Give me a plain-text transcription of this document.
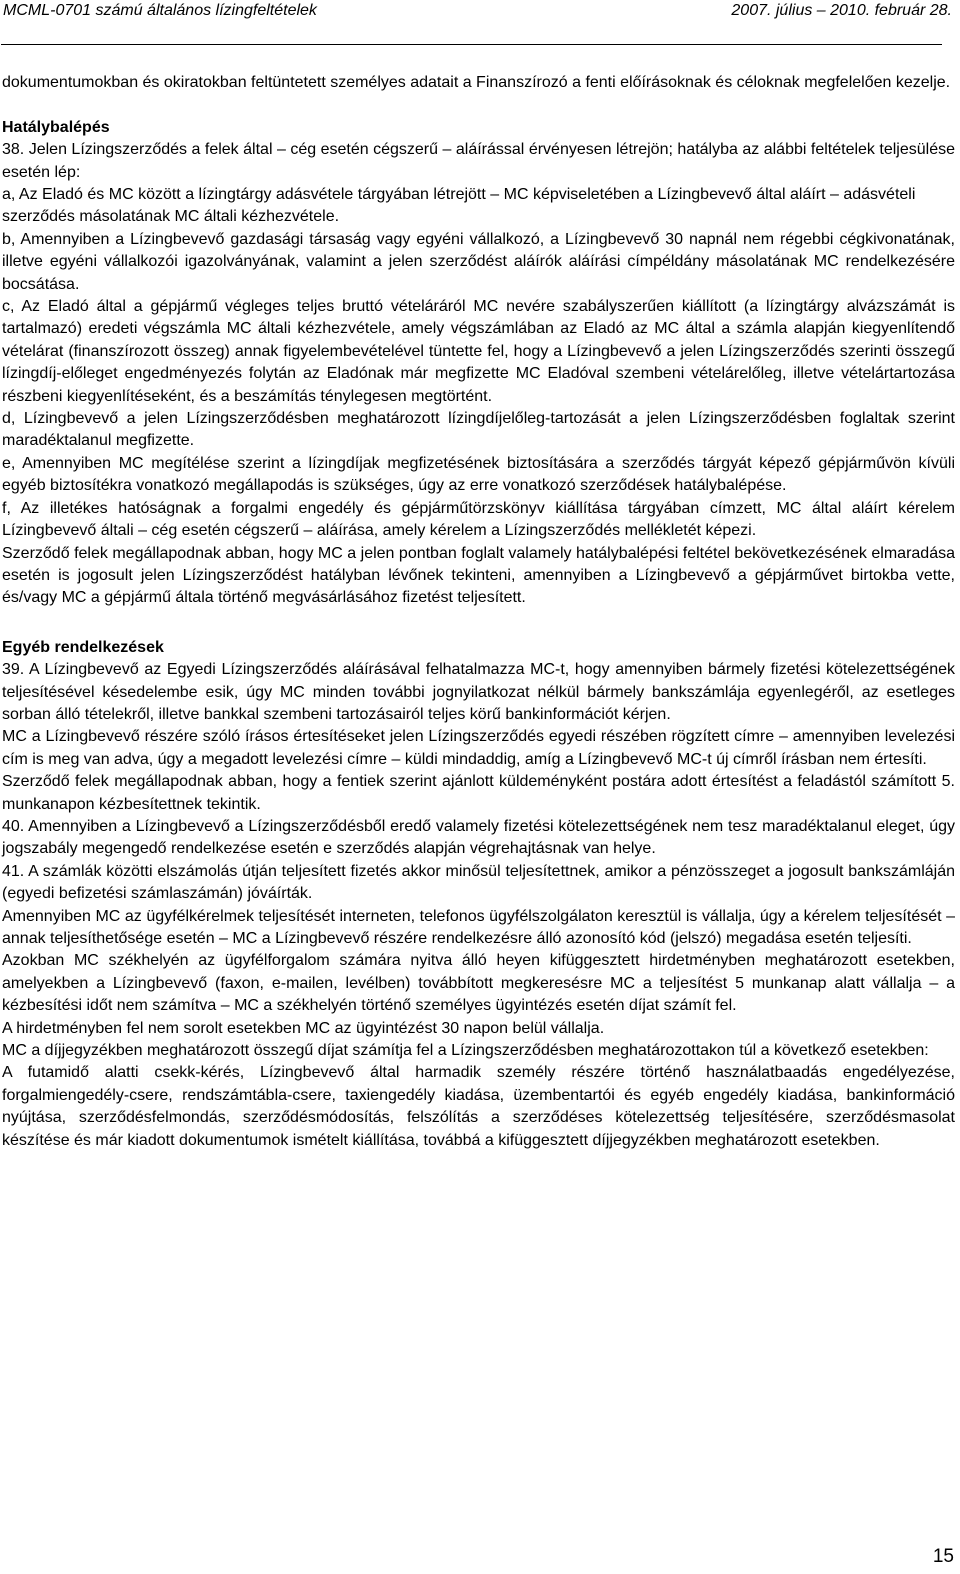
MCML-0701 számú általános lízingfeltételek	2007. július – 2010. február 28.

dokumentumokban és okiratokban feltüntetett személyes adatait a Finanszírozó a fenti előírásoknak és céloknak megfelelően kezelje.

Hatálybalépés

38. Jelen Lízingszerződés a felek által – cég esetén cégszerű – aláírással érvényesen létrejön; hatályba az alábbi feltételek teljesülése esetén lép:

a, Az Eladó és MC között a lízingtárgy adásvétele tárgyában létrejött – MC képviseletében a Lízingbevevő által aláírt – adásvételi szerződés másolatának MC általi kézhezvétele.

b, Amennyiben a Lízingbevevő gazdasági társaság vagy egyéni vállalkozó, a Lízingbevevő 30 napnál nem régebbi cégkivonatának, illetve egyéni vállalkozói igazolványának, valamint a jelen szerződést aláírók aláírási címpéldány másolatának MC rendelkezésére bocsátása.

c, Az Eladó által a gépjármű végleges teljes bruttó vételáráról MC nevére szabályszerűen kiállított (a lízingtárgy alvázszámát is tartalmazó) eredeti végszámla MC általi kézhezvétele, amely végszámlában az Eladó az MC által a számla alapján kiegyenlítendő vételárat (finanszírozott összeg) annak figyelembevételével tüntette fel, hogy a Lízingbevevő a jelen Lízingszerződés szerinti összegű lízingdíj-előleget engedményezés folytán az Eladónak már megfizette MC Eladóval szembeni vételárelőleg, illetve vételártartozása részbeni kiegyenlítéseként, és a beszámítás ténylegesen megtörtént.

d, Lízingbevevő a jelen Lízingszerződésben meghatározott lízingdíjelőleg-tartozását a jelen Lízingszerződésben foglaltak szerint maradéktalanul megfizette.

e, Amennyiben MC megítélése szerint a lízingdíjak megfizetésének biztosítására a szerződés tárgyát képező gépjárművön kívüli egyéb biztosítékra vonatkozó megállapodás is szükséges, úgy az erre vonatkozó szerződések hatálybalépése.

f, Az illetékes hatóságnak a forgalmi engedély és gépjárműtörzskönyv kiállítása tárgyában címzett, MC által aláírt kérelem Lízingbevevő általi – cég esetén cégszerű – aláírása, amely kérelem a Lízingszerződés mellékletét képezi.

Szerződő felek megállapodnak abban, hogy MC a jelen pontban foglalt valamely hatálybalépési feltétel bekövetkezésének elmaradása esetén is jogosult jelen Lízingszerződést hatályban lévőnek tekinteni, amennyiben a Lízingbevevő a gépjárművet birtokba vette, és/vagy MC a gépjármű általa történő megvásárlásához fizetést teljesített.

Egyéb rendelkezések

39. A Lízingbevevő az Egyedi Lízingszerződés aláírásával felhatalmazza MC-t, hogy amennyiben bármely fizetési kötelezettségének teljesítésével késedelembe esik, úgy MC minden további jognyilatkozat nélkül bármely bankszámlája egyenlegéről, az esetleges sorban álló tételekről, illetve bankkal szembeni tartozásairól teljes körű bankinformációt kérjen.

MC a Lízingbevevő részére szóló írásos értesítéseket jelen Lízingszerződés egyedi részében rögzített címre – amennyiben levelezési cím is meg van adva, úgy a megadott levelezési címre – küldi mindaddig, amíg a Lízingbevevő MC-t új címről írásban nem értesíti.

Szerződő felek megállapodnak abban, hogy a fentiek szerint ajánlott küldeményként postára adott értesítést a feladástól számított 5. munkanapon kézbesítettnek tekintik.

40. Amennyiben a Lízingbevevő a Lízingszerződésből eredő valamely fizetési kötelezettségének nem tesz maradéktalanul eleget, úgy jogszabály megengedő rendelkezése esetén e szerződés alapján végrehajtásnak van helye.

41. A számlák közötti elszámolás útján teljesített fizetés akkor minősül teljesítettnek, amikor a pénzösszeget a jogosult bankszámláján (egyedi befizetési számlaszámán) jóváírták.

Amennyiben MC az ügyfélkérelmek teljesítését interneten, telefonos ügyfélszolgálaton keresztül is vállalja, úgy a kérelem teljesítését – annak teljesíthetősége esetén – MC a Lízingbevevő részére rendelkezésre álló azonosító kód (jelszó) megadása esetén teljesíti.

Azokban MC székhelyén az ügyfélforgalom számára nyitva álló heyen kifüggesztett hirdetményben meghatározott esetekben, amelyekben a Lízingbevevő (faxon, e-mailen, levélben) továbbított megkeresésre MC a teljesítést 5 munkanap alatt vállalja – a kézbesítési időt nem számítva – MC a székhelyén történő személyes ügyintézés esetén díjat számít fel.

A hirdetményben fel nem sorolt esetekben MC az ügyintézést 30 napon belül vállalja.

MC a díjjegyzékben meghatározott összegű díjat számítja fel a Lízingszerződésben meghatározottakon túl a következő esetekben:

A futamidő alatti csekk-kérés, Lízingbevevő által harmadik személy részére történő használatbaadás engedélyezése, forgalmiengedély-csere, rendszámtábla-csere, taxiengedély kiadása, üzembentartói és egyéb engedély kiadása, bankinformáció nyújtása, szerződésfelmondás, szerződésmódosítás, felszólítás a szerződéses kötelezettség teljesítésére, szerződésmasolat készítése és már kiadott dokumentumok ismételt kiállítása, továbbá a kifüggesztett díjjegyzékben meghatározott esetekben.

15
